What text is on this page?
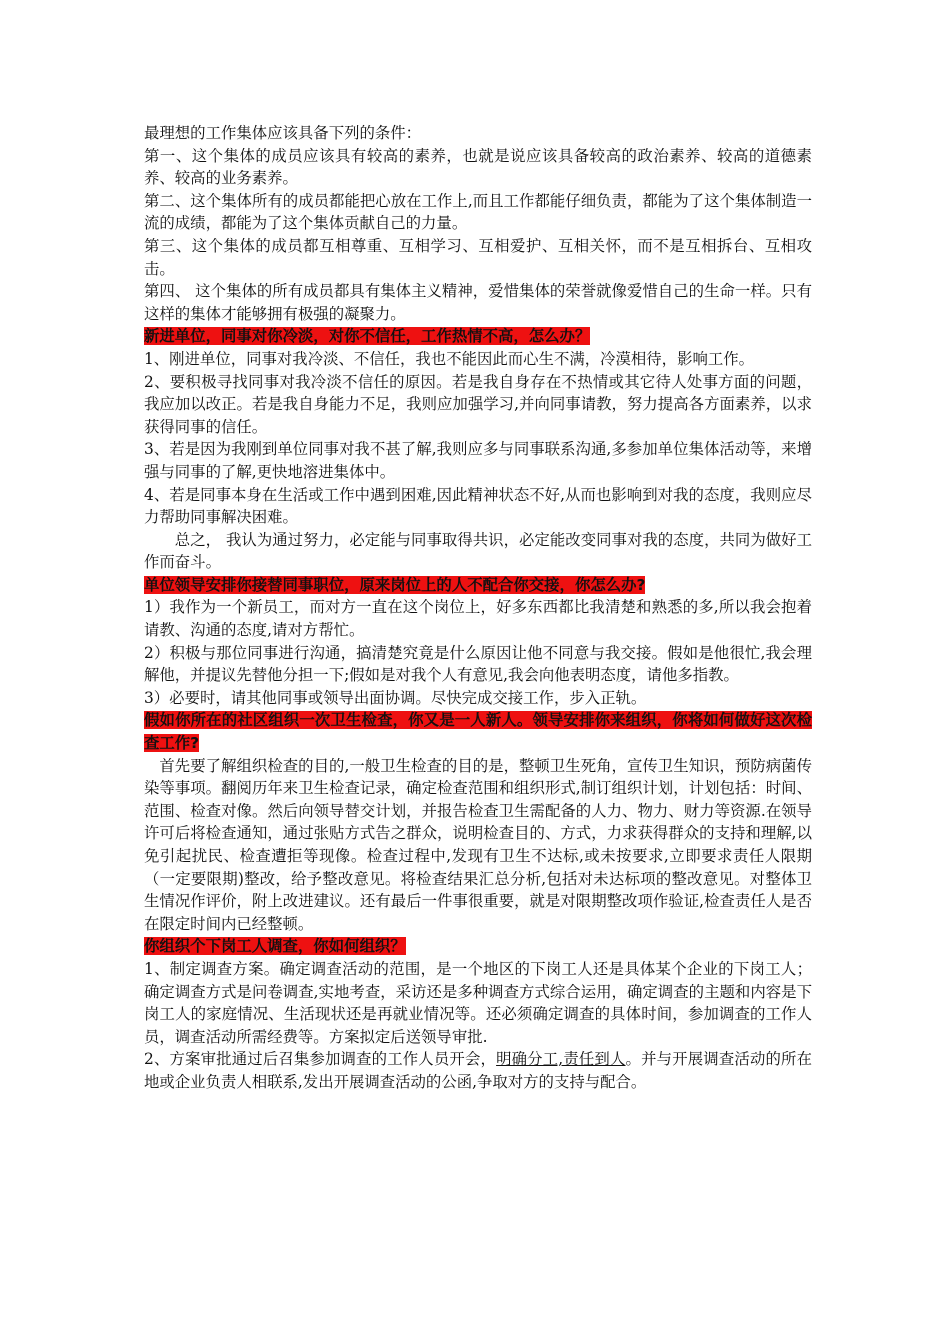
最理想的工作集体应该具备下列的条件：

第一、这个集体的成员应该具有较高的素养，也就是说应该具备较高的政治素养、较高的道德素养、较高的业务素养。

第二、这个集体所有的成员都能把心放在工作上,而且工作都能仔细负责，都能为了这个集体制造一流的成绩，都能为了这个集体贡献自己的力量。

第三、这个集体的成员都互相尊重、互相学习、互相爱护、互相关怀，而不是互相拆台、互相攻击。

第四、 这个集体的所有成员都具有集体主义精神，爱惜集体的荣誉就像爱惜自己的生命一样。只有这样的集体才能够拥有极强的凝聚力。

新进单位，同事对你冷淡，对你不信任，工作热情不高，怎么办？

1、刚进单位，同事对我冷淡、不信任，我也不能因此而心生不满，冷漠相待，影响工作。

2、要积极寻找同事对我冷淡不信任的原因。若是我自身存在不热情或其它待人处事方面的问题，我应加以改正。若是我自身能力不足，我则应加强学习,并向同事请教，努力提高各方面素养，以求获得同事的信任。

3、若是因为我刚到单位同事对我不甚了解,我则应多与同事联系沟通,多参加单位集体活动等，来增强与同事的了解,更快地溶进集体中。

4、若是同事本身在生活或工作中遇到困难,因此精神状态不好,从而也影响到对我的态度，我则应尽力帮助同事解决困难。

总之， 我认为通过努力，必定能与同事取得共识，必定能改变同事对我的态度，共同为做好工作而奋斗。

单位领导安排你接替同事职位，原来岗位上的人不配合你交接，你怎么办?

1）我作为一个新员工，而对方一直在这个岗位上，好多东西都比我清楚和熟悉的多,所以我会抱着请教、沟通的态度,请对方帮忙。

2）积极与那位同事进行沟通，搞清楚究竟是什么原因让他不同意与我交接。假如是他很忙,我会理解他，并提议先替他分担一下;假如是对我个人有意见,我会向他表明态度，请他多指教。

3）必要时，请其他同事或领导出面协调。尽快完成交接工作，步入正轨。

假如你所在的社区组织一次卫生检查，你又是一人新人。领导安排你来组织，你将如何做好这次检查工作?

首先要了解组织检查的目的,一般卫生检查的目的是，整顿卫生死角，宣传卫生知识，预防病菌传染等事项。翻阅历年来卫生检查记录，确定检查范围和组织形式,制订组织计划，计划包括：时间、范围、检查对像。然后向领导替交计划，并报告检查卫生需配备的人力、物力、财力等资源.在领导许可后将检查通知，通过张贴方式告之群众，说明检查目的、方式，力求获得群众的支持和理解,以免引起扰民、检查遭拒等现像。检查过程中,发现有卫生不达标,或未按要求,立即要求责任人限期（一定要限期)整改，给予整改意见。将检查结果汇总分析,包括对未达标项的整改意见。对整体卫生情况作评价，附上改进建议。还有最后一件事很重要，就是对限期整改项作验证,检查责任人是否在限定时间内已经整顿。

你组织个下岗工人调查，你如何组织？

1、制定调查方案。确定调查活动的范围，是一个地区的下岗工人还是具体某个企业的下岗工人；确定调查方式是问卷调查,实地考查，采访还是多种调查方式综合运用，确定调查的主题和内容是下岗工人的家庭情况、生活现状还是再就业情况等。还必须确定调查的具体时间，参加调查的工作人员，调查活动所需经费等。方案拟定后送领导审批.

2、方案审批通过后召集参加调查的工作人员开会，明确分工,责任到人。并与开展调查活动的所在地或企业负责人相联系,发出开展调查活动的公函,争取对方的支持与配合。
